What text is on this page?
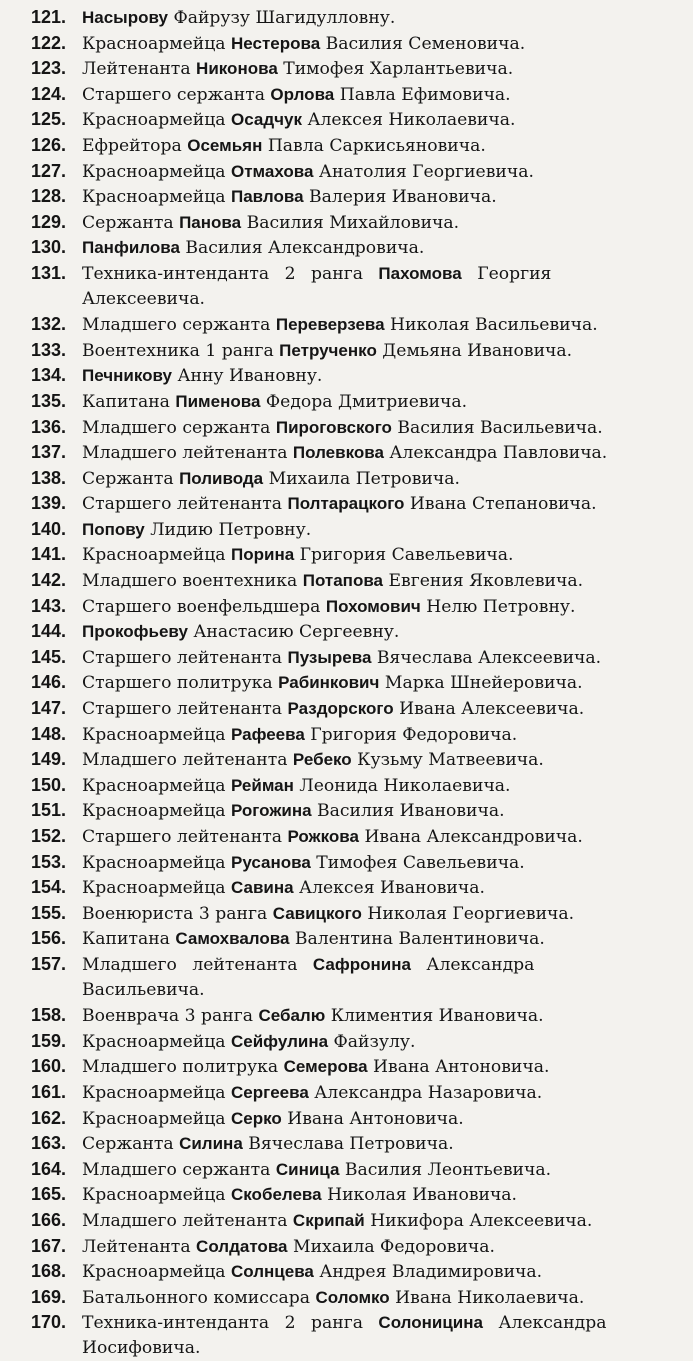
121. Насырову Файрузу Шагидулловну.
122. Красноармейца Нестерова Василия Семеновича.
123. Лейтенанта Никонова Тимофея Харлантьевича.
124. Старшего сержанта Орлова Павла Ефимовича.
125. Красноармейца Осадчук Алексея Николаевича.
126. Ефрейтора Осемьян Павла Саркисьяновича.
127. Красноармейца Отмахова Анатолия Георгиевича.
128. Красноармейца Павлова Валерия Ивановича.
129. Сержанта Панова Василия Михайловича.
130. Панфилова Василия Александровича.
131. Техника-интенданта 2 ранга Пахомова Георгия
Алексеевича.
132. Младшего сержанта Переверзева Николая Васильевича.
133. Воентехника 1 ранга Петрученко Демьяна Ивановича.
134. Печникову Анну Ивановну.
135. Капитана Пименова Федора Дмитриевича.
136. Младшего сержанта Пироговского Василия Васильевича.
137. Младшего лейтенанта Полевкова Александра Павловича.
138. Сержанта Поливода Михаила Петровича.
139. Старшего лейтенанта Полтарацкого Ивана Степановича.
140. Попову Лидию Петровну.
141. Красноармейца Порина Григория Савельевича.
142. Младшего воентехника Потапова Евгения Яковлевича.
143. Старшего военфельдшера Похомович Нелю Петровну.
144. Прокофьеву Анастасию Сергеевну.
145. Старшего лейтенанта Пузырева Вячеслава Алексеевича.
146. Старшего политрука Рабинкович Марка Шнейеровича.
147. Старшего лейтенанта Раздорского Ивана Алексеевича.
148. Красноармейца Рафеева Григория Федоровича.
149. Младшего лейтенанта Ребеко Кузьму Матвеевича.
150. Красноармейца Рейман Леонида Николаевича.
151. Красноармейца Рогожина Василия Ивановича.
152. Старшего лейтенанта Рожкова Ивана Александровича.
153. Красноармейца Русанова Тимофея Савельевича.
154. Красноармейца Савина Алексея Ивановича.
155. Военюриста 3 ранга Савицкого Николая Георгиевича.
156. Капитана Самохвалова Валентина Валентиновича.
157. Младшего лейтенанта Сафронина Александра
Васильевича.
158. Военврача 3 ранга Себалю Климентия Ивановича.
159. Красноармейца Сейфулина Файзулу.
160. Младшего политрука Семерова Ивана Антоновича.
161. Красноармейца Сергеева Александра Назаровича.
162. Красноармейца Серко Ивана Антоновича.
163. Сержанта Силина Вячеслава Петровича.
164. Младшего сержанта Синица Василия Леонтьевича.
165. Красноармейца Скобелева Николая Ивановича.
166. Младшего лейтенанта Скрипай Никифора Алексеевича.
167. Лейтенанта Солдатова Михаила Федоровича.
168. Красноармейца Солнцева Андрея Владимировича.
169. Батальонного комиссара Соломко Ивана Николаевича.
170. Техника-интенданта 2 ранга Солоницина Александра
Иосифовича.
